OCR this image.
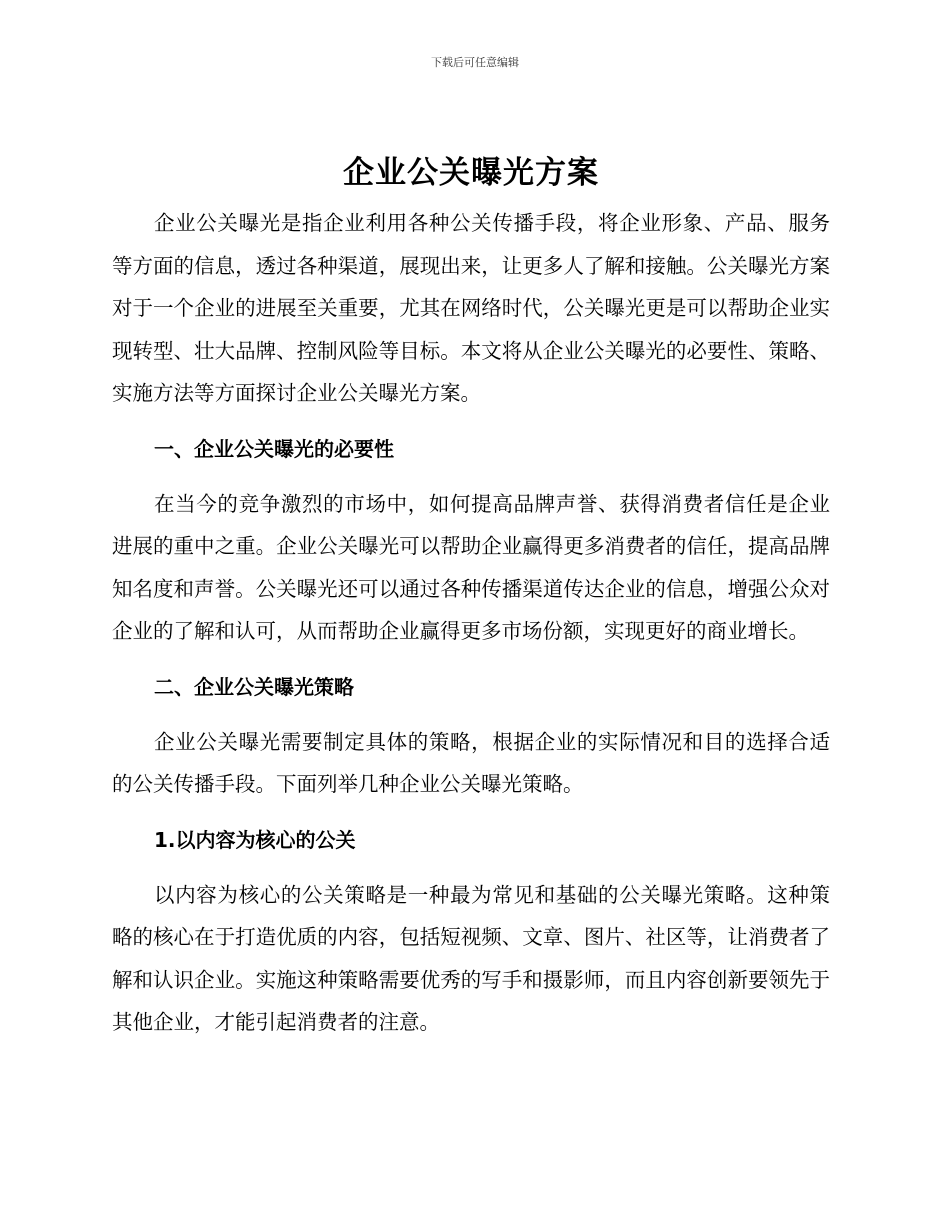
下载后可任意编辑
企业公关曝光方案

企业公关曝光是指企业利用各种公关传播手段，将企业形象、产品、服务等方面的信息，透过各种渠道，展现出来，让更多人了解和接触。公关曝光方案对于一个企业的进展至关重要，尤其在网络时代，公关曝光更是可以帮助企业实现转型、壮大品牌、控制风险等目标。本文将从企业公关曝光的必要性、策略、实施方法等方面探讨企业公关曝光方案。

一、企业公关曝光的必要性

在当今的竞争激烈的市场中，如何提高品牌声誉、获得消费者信任是企业进展的重中之重。企业公关曝光可以帮助企业赢得更多消费者的信任，提高品牌知名度和声誉。公关曝光还可以通过各种传播渠道传达企业的信息，增强公众对企业的了解和认可，从而帮助企业赢得更多市场份额，实现更好的商业增长。

二、企业公关曝光策略

企业公关曝光需要制定具体的策略，根据企业的实际情况和目的选择合适的公关传播手段。下面列举几种企业公关曝光策略。

1.以内容为核心的公关

以内容为核心的公关策略是一种最为常见和基础的公关曝光策略。这种策略的核心在于打造优质的内容，包括短视频、文章、图片、社区等，让消费者了解和认识企业。实施这种策略需要优秀的写手和摄影师，而且内容创新要领先于其他企业，才能引起消费者的注意。
